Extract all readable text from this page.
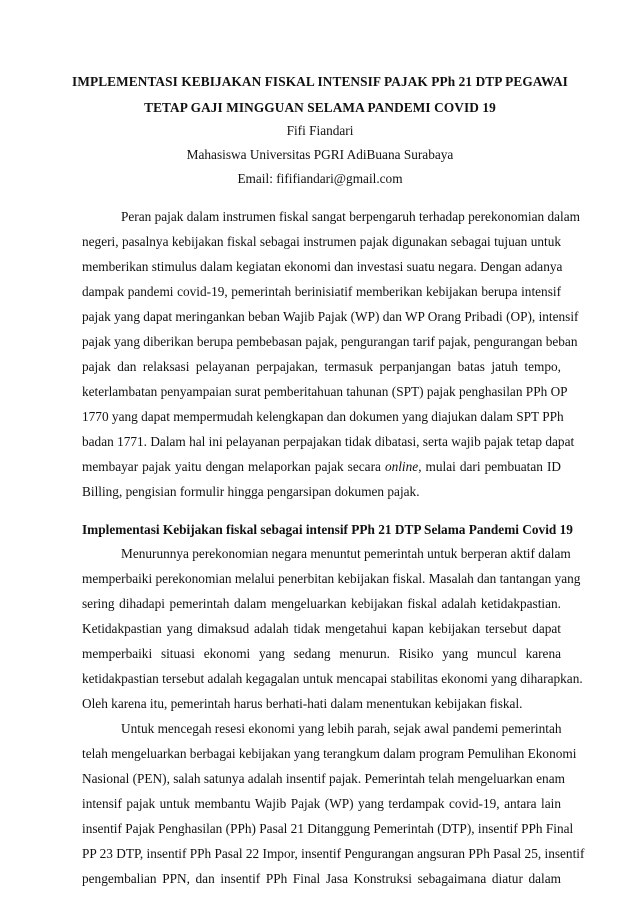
IMPLEMENTASI KEBIJAKAN FISKAL INTENSIF PAJAK PPh 21 DTP PEGAWAI
TETAP GAJI MINGGUAN SELAMA PANDEMI COVID 19
Fifi Fiandari
Mahasiswa Universitas PGRI AdiBuana Surabaya
Email: fififiandari@gmail.com
Peran pajak dalam instrumen fiskal sangat berpengaruh terhadap perekonomian dalam
negeri, pasalnya kebijakan fiskal sebagai instrumen pajak digunakan sebagai tujuan untuk
memberikan stimulus dalam kegiatan ekonomi dan investasi suatu negara. Dengan adanya
dampak pandemi covid-19, pemerintah berinisiatif memberikan kebijakan berupa intensif
pajak yang dapat meringankan beban Wajib Pajak (WP) dan WP Orang Pribadi (OP), intensif
pajak yang diberikan berupa pembebasan pajak, pengurangan tarif pajak, pengurangan beban
pajak dan relaksasi pelayanan perpajakan, termasuk perpanjangan batas jatuh tempo,
keterlambatan penyampaian surat pemberitahuan tahunan (SPT) pajak penghasilan PPh OP
1770 yang dapat mempermudah kelengkapan dan dokumen yang diajukan dalam SPT PPh
badan 1771. Dalam hal ini pelayanan perpajakan tidak dibatasi, serta wajib pajak tetap dapat
membayar pajak yaitu dengan melaporkan pajak secara online, mulai dari pembuatan ID
Billing, pengisian formulir hingga pengarsipan dokumen pajak.
Implementasi Kebijakan fiskal sebagai intensif PPh 21 DTP Selama Pandemi Covid 19
Menurunnya perekonomian negara menuntut pemerintah untuk berperan aktif dalam
memperbaiki perekonomian melalui penerbitan kebijakan fiskal. Masalah dan tantangan yang
sering dihadapi pemerintah dalam mengeluarkan kebijakan fiskal adalah ketidakpastian.
Ketidakpastian yang dimaksud adalah tidak mengetahui kapan kebijakan tersebut dapat
memperbaiki situasi ekonomi yang sedang menurun. Risiko yang muncul karena
ketidakpastian tersebut adalah kegagalan untuk mencapai stabilitas ekonomi yang diharapkan.
Oleh karena itu, pemerintah harus berhati-hati dalam menentukan kebijakan fiskal.
Untuk mencegah resesi ekonomi yang lebih parah, sejak awal pandemi pemerintah
telah mengeluarkan berbagai kebijakan yang terangkum dalam program Pemulihan Ekonomi
Nasional (PEN), salah satunya adalah insentif pajak. Pemerintah telah mengeluarkan enam
intensif pajak untuk membantu Wajib Pajak (WP) yang terdampak covid-19, antara lain
insentif Pajak Penghasilan (PPh) Pasal 21 Ditanggung Pemerintah (DTP), insentif PPh Final
PP 23 DTP, insentif PPh Pasal 22 Impor, insentif Pengurangan angsuran PPh Pasal 25, insentif
pengembalian PPN, dan insentif PPh Final Jasa Konstruksi sebagaimana diatur dalam
